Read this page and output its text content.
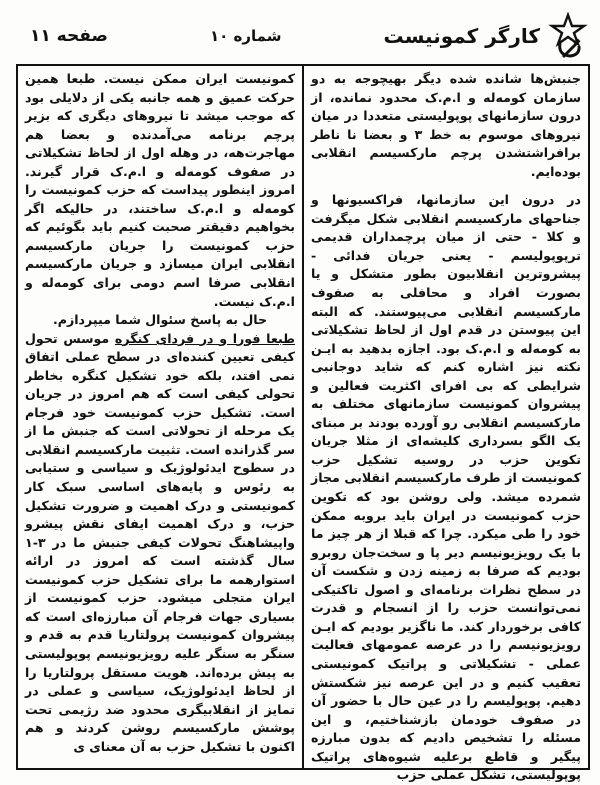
صفحه ۱۱	شماره ۱۰	کارگر کمونیست

جنبش‌ها شانده شده دیگر بهیچوجه به دو سازمان کومه‌له و ا.م.ک محدود نمانده، از درون سازمانهای پوپولیستی متعددا در میان نیروهای موسوم به خط ۳ و بعضا نا ناطر برافراشتشدن پرچم مارکسیسم انقلابی بوده‌ایم.

در درون این سازمانها، فراکسیونها و جناحهای مارکسیسم انقلابی شکل میگرفت و کلا - حتی از میان پرچمداران قدیمی ترپوپولیسم - یعنی جریان فدائی - پیشروترین انقلابیون بطور متشکل و یا بصورت افراد و محافلی به صفوف مارکسیسم انقلابی می‌پیوستند. که البته این پیوستن در قدم اول از لحاظ تشکیلاتی به کومه‌له و ا.م.ک بود. اجازه بدهید به ایـن نکته نیز اشاره کنم که شاید دوجانبی شرایطی که بی افرای اکثریت فعالین و پیشروان کمونیست سازمانهای مختلف به مارکسیسم انقلابی رو آورده بودند بر مبنای یک الگو بسرداری کلیشه‌ای از مثلا جریان تکوین حزب در روسیه تشکیل حزب کمونیست از طرف مارکسیسم انقلابی مجاز شمرده میشد. ولی روشن بود که تکوین حزب کمونیست در ایران باید بروبه ممکن خود را طی میکرد. چرا که قبلا از هر چیز ما با یک رویزیونیسم دیر پا و سخت‌جان روبرو بودیم که صرفا به زمینه زدن و شکست آن در سطح نظرات برنامه‌ای و اصول تاکتیکی نمی‌توانست حزب را از انسجام و قدرت کافی برخوردار کند. ما ناگزیر بودیم که ایـن رویزیونیسم را در عرصه عمومهای فعالیت عملی - تشکیلاتی و پراتیک کمونیستی تعقیب کنیم و در این عرصه نیز شکستش دهیم. پوپولیسم را در عین حال با حضور آن در صفوف خودمان بازشناختیم، و این مسئله را تشخیص دادیم که بدون مبارزه پیگیر و قاطع برعلیه شیوه‌های پراتیک پوپولیستی، تشکل عملی حزب

کمونیست ایران ممکن نیست. طبعا همین حرکت عمیق و همه جانبه یکی از دلایلی بود که موجب میشد تا نیروهای دیگری که بزیر پرچم برنامه می‌آمدنده و بعضا هم مهاجرت‌هه، در وهله اول از لحاظ تشکیلاتی در صفوف کومه‌له و ا.م.ک قرار گیرند. امروز اینطور پیداست که حزب کمونیست را کومه‌له و ا.م.ک ساختند، در حالیکه اگر بخواهیم دقیقتر صحبت کنیم باید بگوئیم که حزب کمونیست را جریان مارکسیسم انقلابی ایران میسازد و جریان مارکسیسم انقلابی صرفا اسم دومی برای کومه‌له و ا.م.ک نیست.

حال به پاسخ سئوال شما میپردازم.

طبعا فورا و در فردای کنگره موسس تحول کیفی تعیین کننده‌ای در سطح عملی اتفاق نمی افتد، بلکه خود تشکیل کنگره بخاطر تحولی کیفی است که هم امروز در جریان است. تشکیل حزب کمونیست خود فرجام یک مرحله از تحولاتی است که جنبش ما از سر گذرانده است. تثبیت مارکسیسم انقلابی در سطوح ایدئولوژیک و سیاسی و ستیابی به رئوس و پایه‌های اساسی سبک کار کمونیستی و درک اهمیت و ضرورت تشکیل حزب، و درک اهمیت ایفای نقش پیشرو واپیشاهنگ تحولات کیفی جنبش ما در ۳-۱ سال گذشته است که امروز در ارائه استوارهمه ما برای تشکیل حزب کمونیست ایران متجلی میشود. حزب کمونیست از بسیاری جهات فرجام آن مبارزه‌ای است که پیشروان کمونیست پرولتاریا قدم به قدم و سنگر به سنگر علیه رویزیونیسم پوپولیستی به پیش برده‌اند. هویت مستقل پرولتاریا را از لحاظ ایدئولوژیک، سیاسی و عملی در تمایز از انقلابیگری محدود ضد رژیمی تحت پوشش مارکسیسم روشن کردند و هم اکنون با تشکیل حزب به آن معنای ی
